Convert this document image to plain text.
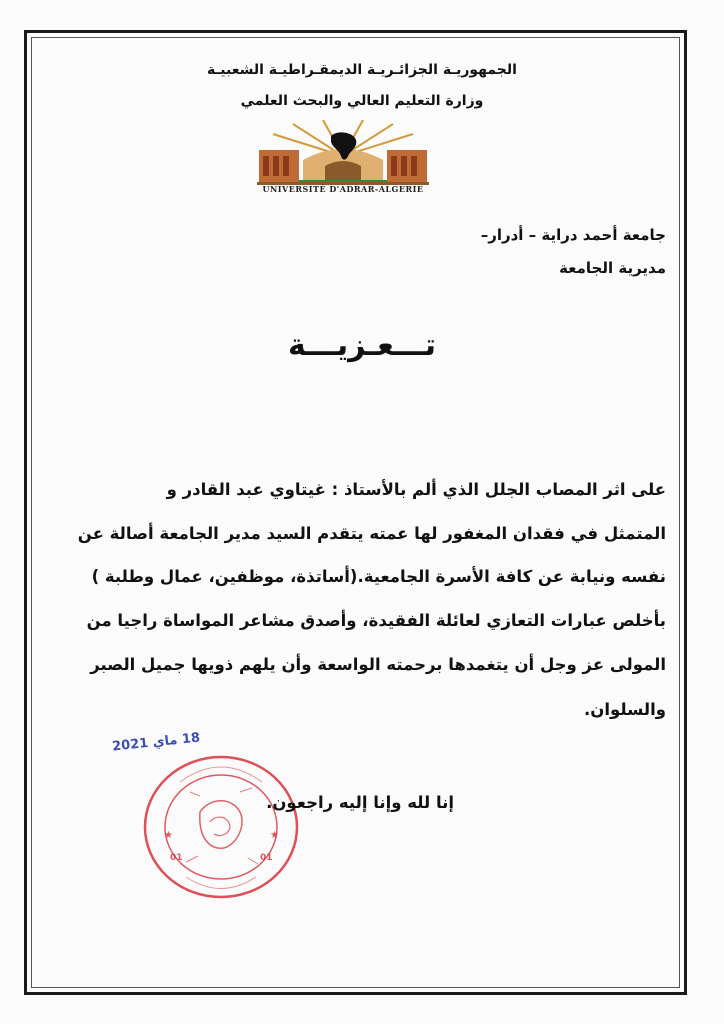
الجمهوريـة الجزائـريـة الديمقـراطيـة الشعبيـة
وزارة التعليم العالي والبحث العلمي
UNIVERSITÉ D'ADRAR-ALGERIE
جامعة أحمد دراية – أدرار–
مديرية الجامعة
تـــعـزيـــة
على اثر المصاب الجلل الذي ألم بالأستاذ : غيتاوي عبد القادر و
المتمثل في فقدان المغفور لها عمته يتقدم السيد مدير الجامعة أصالة عن
نفسه ونيابة عن كافة الأسرة الجامعية.(أساتذة، موظفين، عمال وطلبة )
بأخلص عبارات التعازي لعائلة الفقيدة، وأصدق مشاعر المواساة راجيا من
المولى عز وجل أن يتغمدها برحمته الواسعة وأن يلهم ذويها جميل الصبر
والسلوان.
18 ماي 2021
★	★
01	01
إنا لله وإنا إليه راجعون.
